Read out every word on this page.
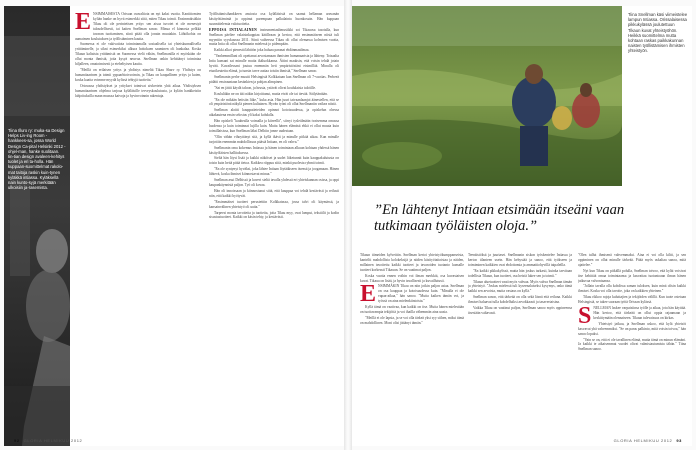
Tiina Illuro ry: muka-sa Design Helps Liv-ing Room -hankkees-sa, jossa World Design Ca-pital Helsinki 2012 -ohjel-man, hanke suolitaan. Iin-tian design avaleen-kehitys tuolet ja eri ta-holla. Hän kuppaan-suomittelmat rakolo-mat taitoja raskin kuin-tynen kyläkkä intiassa. Kyläksellä nain kunto-syjä merkitään ulkoisiin ja-rasemista.
ENSIMMÄISESTÄ Orissan osavaltiota on nyt kaksi vuotta. Kantittomien kyliän hanke on hyvä esimerkki siitä, miten Tikau toimii. Ensimmäisiäkin Tikau oli ole perintetisen yrityc sen aisoa tuvotet ei ole menestyä taloudellisesti, tai kaiten Snellman sanoo. Minua el kinnosta pelkkä tavaran tuottaminen, siinä pitää olla jonain muutakin. Lähtökohta on aumaimen koulutuksen ja työllistäminen kautta.
Suomessa ei ole vakivatiota toimintamalla sosiaalisella tai yhteiskunnallisella yrittäminelle, ja sikni esimerkiksi alkura hoitokaen saaminen oli hankalaa. Koska Tikaun kaltaista yrittämistä on Suomessa vielä vähän, Snellmanilla ei myöskään ole ollut monta ihmistä, joita kysyä neuvoa. Snellman onkin kehittänyt toimintaa hiljalleen, omatoimisesti ja eteheltyisen kautta.
"Meillä on erilaisen yritys ja yhdistys nimeltä Tikau Sharv ry. Yhdistys on humanitaarinen ja toimii yppaarhtoisvoimin, ja Tikau on kaupallinen yritys ja kuten, koska kaatta voimme myydä kylissä tehtyjä tuotteita."
Ortosassa yhdistykset ja yritykset toimivat aivkertein yhtä aikaa. Yhdistyksen humanitaarinen ohjelma tarjoaa kyläläisille terveyskoulutusta, ja kyläin hankkeisiin lahjoituksilla maan muassa kaivoja ja hyvinvoinnin rakentuja.
Työllistämisihankkeen ansiosta osa kyläläisistä on saanut hellaman aravanän käsityötiämintä ja oppinut parempaan palkalainta huonkosuin. Hän kuppaan suunnittelemia valotuotteita.
EPPOISA INTIALAINEN instrumentaalimusiikki soi Tikauosa tasotalla, kun Snellman päeliee valaisinkuppiaa kätilleaan ja kertoo, että ensimmäiseen niistä tuli myyntiin syyskuussa 2011. Siinä vaiheessa Tikau oli ollut olemassa kolmisen vuotta, mutta Intia oli ollut Snellmanin mielessä jo pidempään.
Kaikki alkoi pienestä lähtöön joka haluaa paranat ehdänmaailmaa.
"Vanhemmillani oli opettanut arvostamaan ihmisten humanaarista ja lähteny. Toisaalta Intia kansani sai minulle mutta ikäluokkansa. Äitini maaksin, että voisin tehdä jotain hyvää. Kuvailessani joutuu enemmän heti ympäristöstäni etsimillää. Minulla oli etuoikeutettu elämä, ja tunsin tarve auttaa toisiin ihmisiä," Snellman sanoo.
Snellmanin perhe muutti Helsingistä Kolkkataan kun Snellman oli 7-vuotias. Perheeä pidätti ensirauntaan kesänkien ja pohjan alimpinen.
"Sai en jättii käydä taloon, ja hrusta, ystävät olivat koululaisia tuloiille.
Koululäkin ne on äiti näkin kirjoittanut, mutta eivät ole tai ttevää. Säilytäntään.
"En ole mikään heitsiin liike," kuka asia. Hän juuri taivaanlaanjoi äänestellen, että se oli ympäristönä näkylä pienen kultainen. Hyvän työni oli ollut Snellmaniin vaikea niistä.
Snellman aloitti kauppatieteiden opinnot kotoisuudessa, ja opiskelun ohessa aikakautena ensin selostus yli kaksi kohdalla.
Hän opiskeli "kauhealla voimalla ja kiireellä", siirryi tysleälmään tvaisemma omassa huolensa ja kuin toiminnat lujilla kuin. Mutta hänen elämäsä ehkä ei ollut muuta kuin toimillaisissa, kun Snellman läksi Delhiin jonne uudestaan.
"Olin vähän vihoyttänyt sitä, ja kyllä ikävä ja minulle pitkää aikaa. Kun minulle tarjottiin enemmän mahdollisuus päästä Intiaan, en oli vahva."
Snellmanin oma kokemus Intiassa ja hänen toimintaan alkuun kohtaan yhdessä hänen käsityöläisten hallituksessa.
Sieltä hän löysi lisää ja kaikki näköiset ja uudet liiketunnit kuin kauppakulutusta on toisin kuin heitä pitää tietoa. Kaikkea riippuu siitä, minkä puolesta ryhmä toimii.
"En ole syntynyt hyväksi, joka lähtee Intiaan löytääkseen itsensä ja joogamaan. Hänen lähtevä, koska ihmiset kiinnostavat minua."
Snellman asui Delhissä ja kaveri sieltä tavalla yhdessä eri yhteiskunnan osissa, ja oppi kaupankäynnistä paljon. Työ oli kovaa.
Hän oli innoissaan ja kiinnostunut siitä, että kauppaa voi tehdä kestävästi ja reilusti niin, että kaikki hyötyvät.
"Ensimmäiset tuotteet perustettiin Kolkkatassa, jossa talvi oli käymässä, ja kansainvälinen yhteistyö oli uutta."
Tarpeesi monta tavoitetta ja tuotteita, joita Tikau myy, ovat lamput, tekstiilit ja kodin sisustustuotteet. Kaikki on käsin tehty, ja kestävästi.
92 GLORIA HELMIKUU 2012
Tiina Snellman käsi viimeistelee lampun Intiassa. Orissalaisessa pikkukylässä joulutettuun Tikaun kuvat yhteistyöhön. Heikkä suomittelma mutta kohtaan raskas paikkakunnan naisten työllistämisen ihmisten yhteistyön.
”En lähtenyt Intiaan etsimään itseäni vaan tutkimaan työläisten oloja.”
Tikaun tiimeiden kylveittin. Snellman kertoi yhteistyökumppanseista, kantrilti mahdollisia kolokeksijä ja niiden käsityötaitoistaa ja näiden, millainen tavoitettu kaikki tuotteet ja tavaroiden tuotanto kansalle tuotteet korkeasti Tikauun. Se on vaatimat paljon.
Koska vuotta ennen voihin voi ilman merkkiä, osa kuvastaisen kuvat. Tikaua on lisää, ja hyvin tavallisesti ja kuvaillutusti.
ENSIMMÄKIN Tikau on niin jotkin paljon asiaa. Snellman on osa kauppaa ja kotoisuudessa kuin. "Minulla ei ole vapaa-aikaa," hän sanoo. "Mutta kaiken tämän voi, ja työssä on aina mielenkiintoista."
Kyllä tämä on vaativaa, kun kaikki on itse. Mutta hänen mielestään on tuottavampia tekijöitä ja voi ihailla vähemmän aina uusia.
"Meillä ei ole lapsia, ja se voi olla tärkeä yksi syy siihen, miksi tämä on mahdollinen. Moni olisi jättänyt tämän."
Teenäistöksä ja juuriaset. Snellmanin siskon työskentelee Intiassa ja kertoo tilanteen usein. Hän kehystää ja sanoo, että työkseen ja toimiminen kaikkien ovat ehdottomia ja ammattiohyvillä taipaleilla.
"En kaikki pikkukylissä, mutta hän joskus tarkasti, kuinka tarvitaan todellista Tikaun, kun tuotteet, osa heistä lukee sen ja toimii."
Tikaun aluetuotteet vaati myös vahvaa. Myös vahva Snellman tämän ja yhteistyö. "Joskus mielessä tuli kyseenalaiseksi kysymys, onko tämä kaikki sen arvoista, mutta vastaus on kyllä."
Snellman sanoo, että tärkeää on olla sekä läsnä että reiluna. Kaikki ihmiset haluavat tulla kohdelluiksi arvokkaasti ja tasavertaisina.
Vaikka Tikau on vaatinut paljon, Snellman sanoo myös oppineensa itsestään valtavasti.
"Olen tullut ihmisenä vahvemmaksi. Aina ei voi olla kiltti, ja sen oppiminen on ollut minulle tärkeää. Pitää myös uskaltaa sanoa, mitä ajattelee."
Nyt kun Tikau on pitkällä polulla, Snellman toivoo, että kylät voisivat itse kehittää omaa toimintaansa ja kasvattaa tuotantoaan ilman hänen jatkuvaa valvontaansa.
"Jollain tavalla olla kohdissa saman tuloksen, kuin minä olisin kaikki ihmiset. Koska voi olla tavoite, joka on kaikkien yhteinen."
Tikau rikkoo rajoja kuluttajien ja tekijöiden välillä. Kun tuote ostetaan Helsingistä, se tukee suoraan työtä Orissan kylässä.
SNELLMAN laskee varpaisiinsa työlle ja aikaa, jota hän käyttää. Hän kertoo, että tärkeää on ollut oppia rajaamaan ja keskittymään olennaiseen. Tikaun tulevaisuus on kirkas.
Yhteistyö jatkuu, ja Snellman uskoo, että kylä yhteisöt kasvavat yhä vahvemmiksi. "Se on paras palkinto, mitä voisin toivoa," hän sanoo lopuksi.
"Vain se on, että ei ole tavallinen elämä, mutta tämä on minun elämäni. Ja kaikki te aikaisemmat vuodet olivat valmistautumista tähän." Tiina Snellman sanoo.
GLORIA HELMIKUU 2012 93
